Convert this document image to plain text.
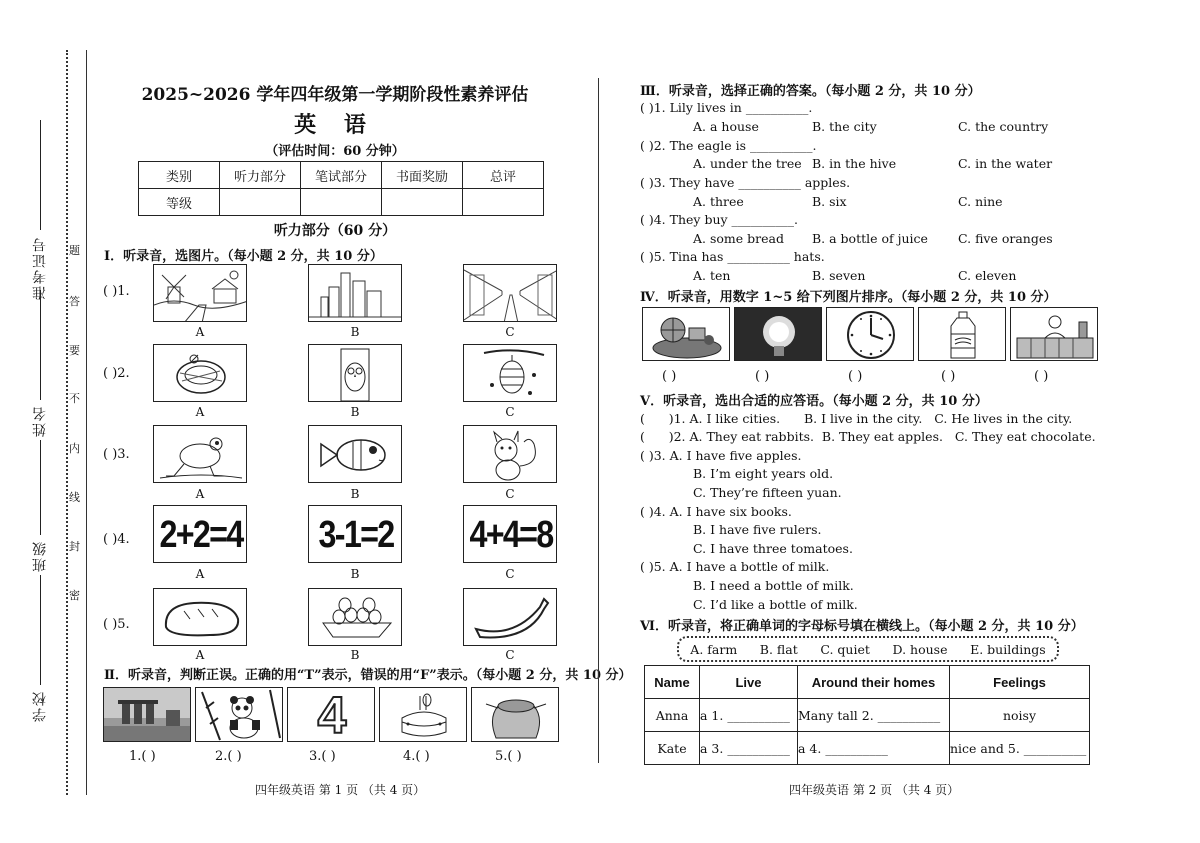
准考证号
姓名
班级
学校
题
答
要
不
内
线
封
密
2025~2026 学年四年级第一学期阶段性素养评估
英 语
（评估时间：60 分钟）
类别	听力部分	笔试部分	书面奖励	总评
等级				
听力部分（60 分）
Ⅰ．听录音，选图片。（每小题 2 分，共 10 分）
( )1.
( )2.
( )3.
( )4.
( )5.
A	B	C
A	B	C
A	B	C
2+2=4 3-1=2 4+4=8
A	B	C
A	B	C
Ⅱ．听录音，判断正误。正确的用“T”表示，错误的用“F”表示。（每小题 2 分，共 10 分）
4
1.( )	2.( )	3.( )	4.( )	5.( )
四年级英语 第 1 页 （共 4 页）
Ⅲ．听录音，选择正确的答案。（每小题 2 分，共 10 分）
( )1. Lily lives in __________.
A. a house	B. the city	C. the country
( )2. The eagle is __________.
A. under the tree B. in the hive	C. in the water
( )3. They have __________ apples.
A. three	B. six	C. nine
( )4. They buy __________.
A. some bread B. a bottle of juice C. five oranges
( )5. Tina has __________ hats.
A. ten	B. seven	C. eleven
Ⅳ．听录音，用数字 1~5 给下列图片排序。（每小题 2 分，共 10 分）
( )	( )	( )	( )	( )
Ⅴ．听录音，选出合适的应答语。（每小题 2 分，共 10 分）
(      )1. A. I like cities.      B. I live in the city.   C. He lives in the city.
(      )2. A. They eat rabbits.  B. They eat apples.   C. They eat chocolate.
( )3. A. I have five apples.
B. I’m eight years old.
C. They’re fifteen yuan.
( )4. A. I have six books.
B. I have five rulers.
C. I have three tomatoes.
( )5. A. I have a bottle of milk.
B. I need a bottle of milk.
C. I’d like a bottle of milk.
Ⅵ．听录音，将正确单词的字母标号填在横线上。（每小题 2 分，共 10 分）
A. farm B. flat C. quiet D. house E. buildings
Name	Live	Around their homes	Feelings
Anna	a 1. __________	Many tall 2. __________	noisy
Kate	a 3. __________	a 4. __________	nice and 5. __________
四年级英语 第 2 页 （共 4 页）
